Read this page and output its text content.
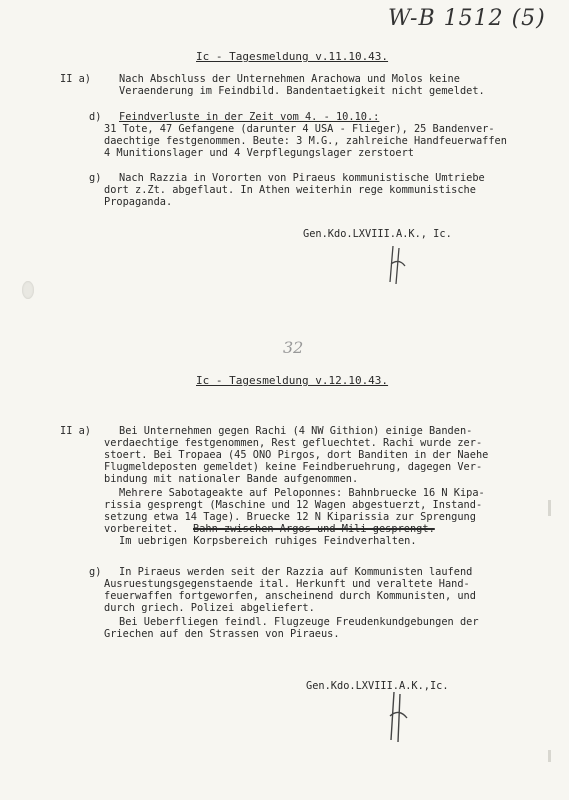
W-B 1512 (5)
Ic - Tagesmeldung v.11.10.43.
II a)	Nach Abschluss der Unternehmen Arachowa und Molos keine
Veraenderung im Feindbild. Bandentaetigkeit nicht gemeldet.
d) Feindverluste in der Zeit vom 4. - 10.10.:
31 Tote, 47 Gefangene (darunter 4 USA - Flieger), 25 Bandenver-
daechtige festgenommen. Beute: 3 M.G., zahlreiche Handfeuerwaffen
4 Munitionslager und 4 Verpflegungslager zerstoert
g) Nach Razzia in Vororten von Piraeus kommunistische Umtriebe
dort z.Zt. abgeflaut. In Athen weiterhin rege kommunistische
Propaganda.
Gen.Kdo.LXVIII.A.K., Ic.
32
Ic - Tagesmeldung v.12.10.43.
II a)	Bei Unternehmen gegen Rachi (4 NW Githion) einige Banden-
verdaechtige festgenommen, Rest gefluechtet. Rachi wurde zer-
stoert. Bei Tropaea (45 ONO Pirgos, dort Banditen in der Naehe
Flugmeldeposten gemeldet) keine Feindberuehrung, dagegen Ver-
bindung mit nationaler Bande aufgenommen.
Mehrere Sabotageakte auf Peloponnes: Bahnbruecke 16 N Kipa-
rissia gesprengt (Maschine und 12 Wagen abgestuerzt, Instand-
setzung etwa 14 Tage). Bruecke 12 N Kiparissia zur Sprengung
vorbereitet. Bahn zwischen Argos und Mili gesprengt.
Im uebrigen Korpsbereich ruhiges Feindverhalten.
g) In Piraeus werden seit der Razzia auf Kommunisten laufend
Ausruestungsgegenstaende ital. Herkunft und veraltete Hand-
feuerwaffen fortgeworfen, anscheinend durch Kommunisten, und
durch griech. Polizei abgeliefert.
Bei Ueberfliegen feindl. Flugzeuge Freudenkundgebungen der
Griechen auf den Strassen von Piraeus.
Gen.Kdo.LXVIII.A.K.,Ic.
